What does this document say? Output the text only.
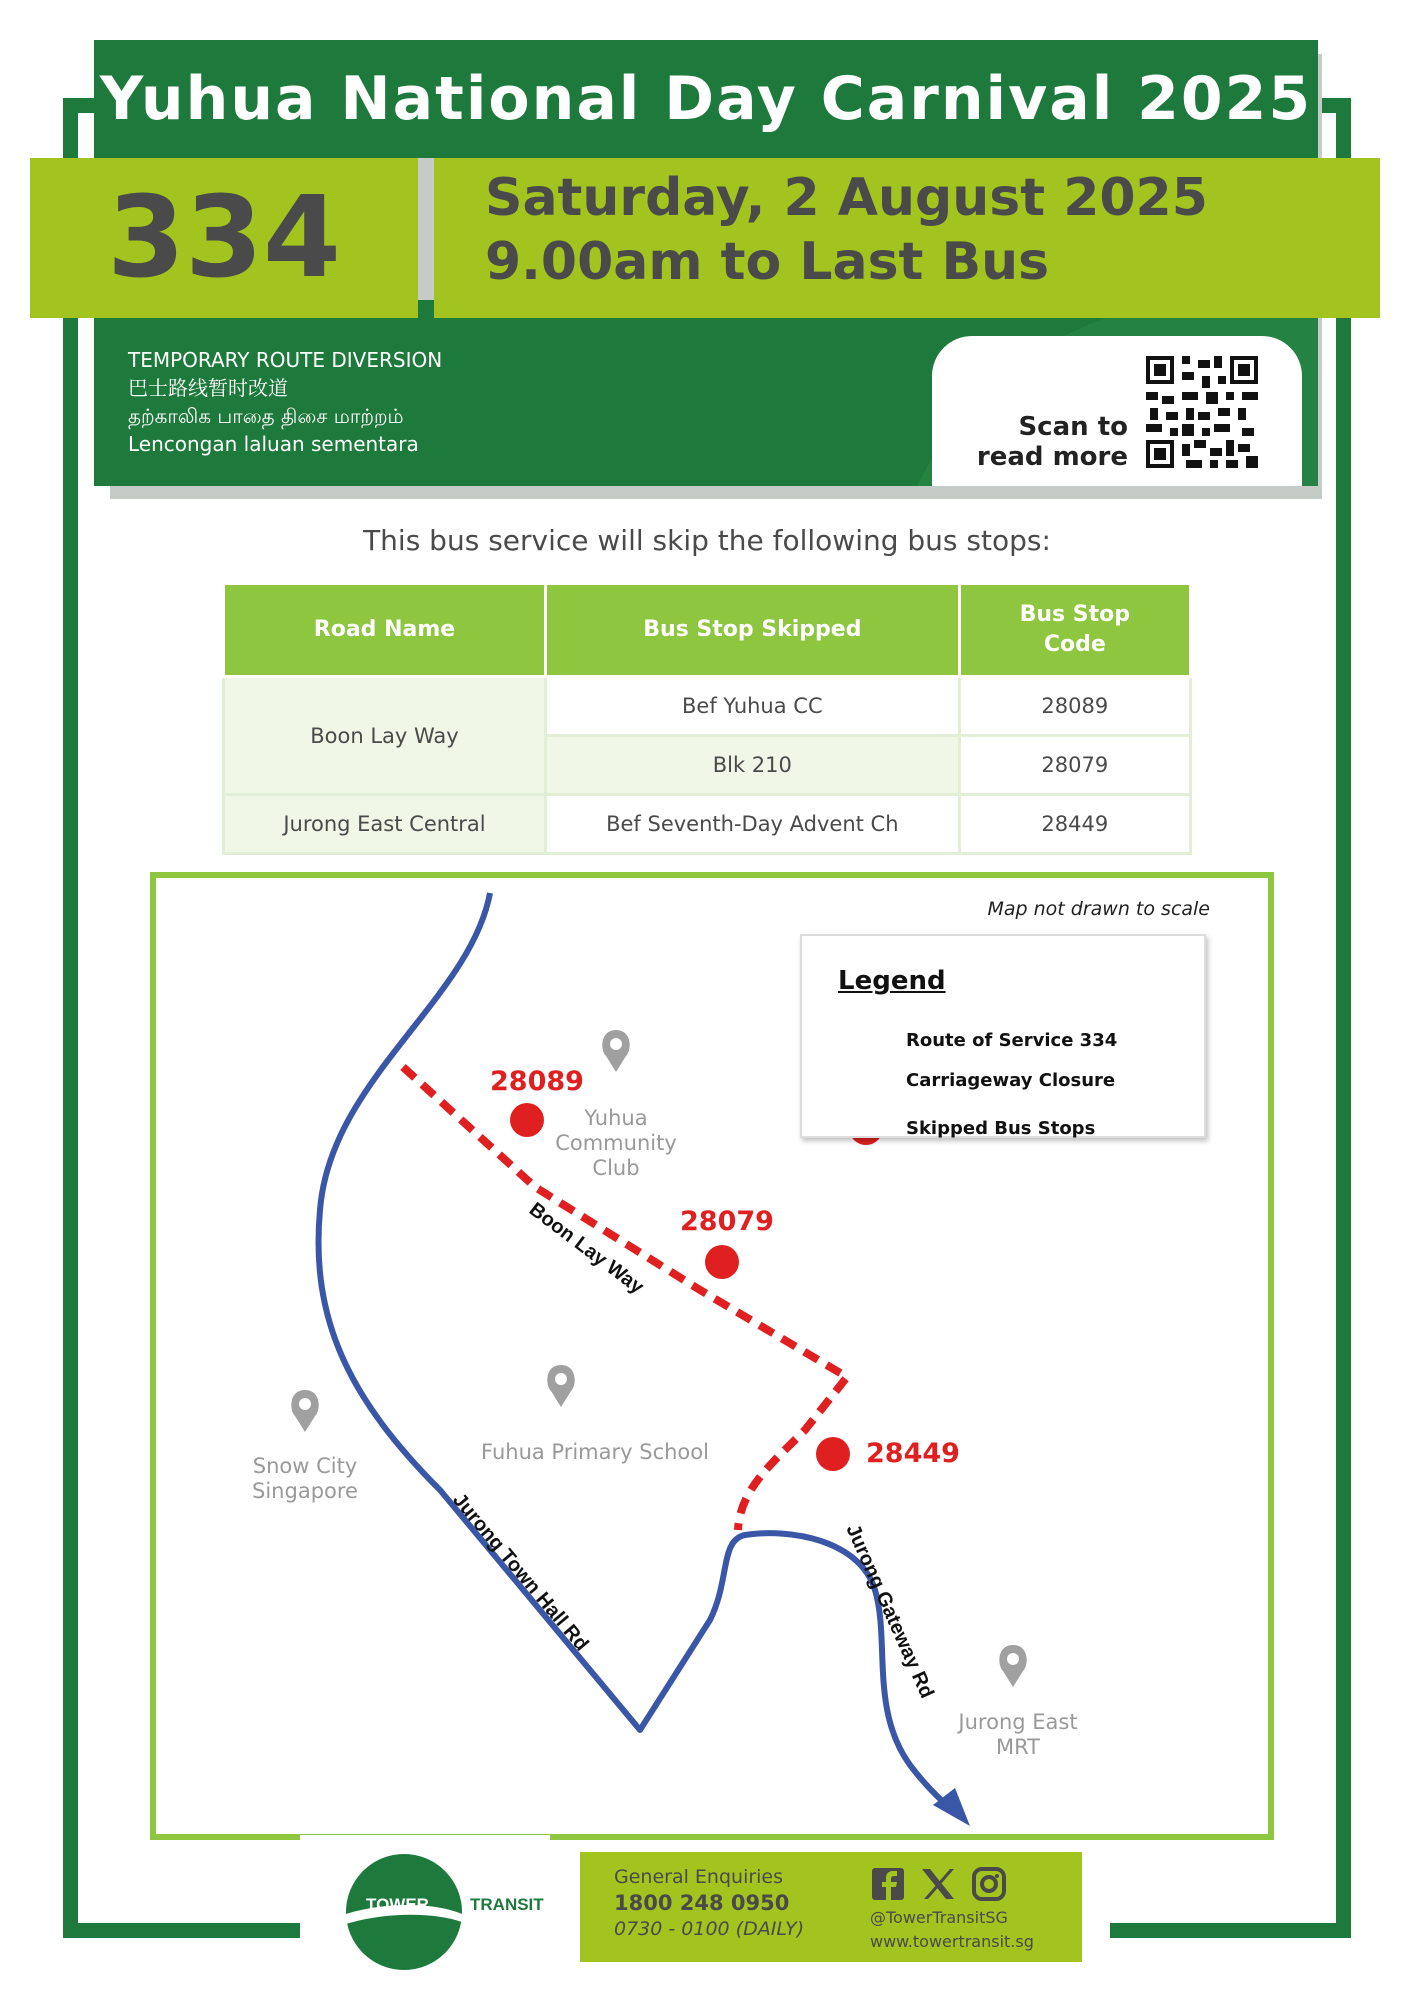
Yuhua National Day Carnival 2025
334	Saturday, 2 August 2025
9.00am to Last Bus
TEMPORARY ROUTE DIVERSION
巴士路线暂时改道
தற்காலிக பாதை திசை மாற்றம்
Lencongan laluan sementara
Scan to
read more
This bus service will skip the following bus stops:
Road Name	Bus Stop Skipped	Bus Stop
Code

Boon Lay Way	Bef Yuhua CC	28089
	Blk 210	28079
Jurong East Central	Bef Seventh-Day Advent Ch	28449
Map not drawn to scale
Boon Lay Way
Jurong Town Hall Rd	Jurong Gateway Rd
28089
28079
28449
Yuhua
Community
Club
Fuhua Primary School
Snow City
Singapore
Jurong East
MRT
Legend
Route of Service 334
Carriageway Closure
Skipped Bus Stops
TOWER TRANSIT
General Enquiries
1800 248 0950
0730 - 0100 (DAILY)
@TowerTransitSG
www.towertransit.sg
